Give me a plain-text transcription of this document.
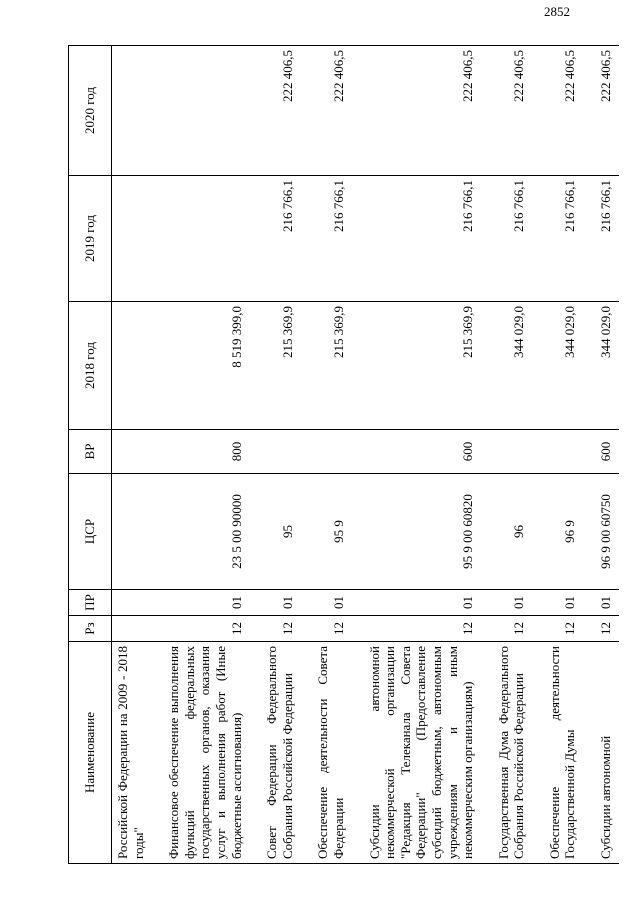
2852
Наименование	Рз	ПР	ЦСР	ВР	2018 год	2019 год	2020 год
Российской Федерации на 2009 - 2018 годы"							

Финансовое обеспечение выполнения функций федеральных государственных органов, оказания услуг и выполнения работ (Иные бюджетные ассигнования)	12	01	23 5 00 90000	800	8 519 399,0		

Совет Федерации Федерального Собрания Российской Федерации	12	01	95		215 369,9	216 766,1	222 406,5

Обеспечение деятельности Совета Федерации	12	01	95 9		215 369,9	216 766,1	222 406,5

Субсидии автономной некоммерческой организации "Редакция Телеканала Совета Федерации" (Предоставление субсидий бюджетным, автономным учреждениям и иным некоммерческим организациям)	12	01	95 9 00 60820	600	215 369,9	216 766,1	222 406,5

Государственная Дума Федерального Собрания Российской Федерации	12	01	96		344 029,0	216 766,1	222 406,5

Обеспечение деятельности Государственной Думы	12	01	96 9		344 029,0	216 766,1	222 406,5

Субсидии автономной	12	01	96 9 00 60750	600	344 029,0	216 766,1	222 406,5
